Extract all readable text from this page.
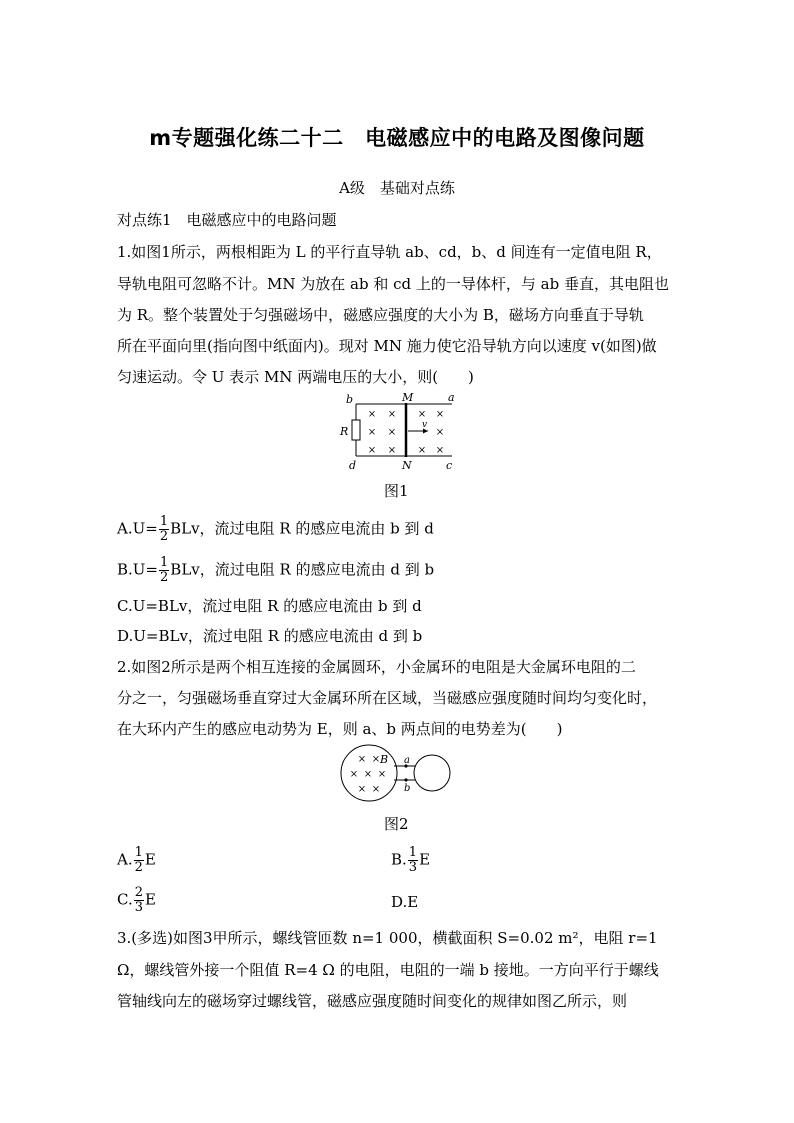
m专题强化练二十二　电磁感应中的电路及图像问题
A级　基础对点练
对点练1　电磁感应中的电路问题
1.如图1所示，两根相距为 L 的平行直导轨 ab、cd，b、d 间连有一定值电阻 R，
导轨电阻可忽略不计。MN 为放在 ab 和 cd 上的一导体杆，与 ab 垂直，其电阻也
为 R。整个装置处于匀强磁场中，磁感应强度的大小为 B，磁场方向垂直于导轨
所在平面向里(指向图中纸面内)。现对 MN 施力使它沿导轨方向以速度 v(如图)做
匀速运动。令 U 表示 MN 两端电压的大小，则(　　)
× × × ×
× ×	×
× × × ×
b	M	a
R	v
d	N	c
图1
$A.U= \frac{1}{2}$ BLv，流过电阻 R 的感应电流由 b 到 d
$B.U= \frac{1}{2}$ BLv，流过电阻 R 的感应电流由 d 到 b
C.U=BLv，流过电阻 R 的感应电流由 b 到 d
D.U=BLv，流过电阻 R 的感应电流由 d 到 b
2.如图2所示是两个相互连接的金属圆环，小金属环的电阻是大金属环电阻的二
分之一，匀强磁场垂直穿过大金属环所在区域，当磁感应强度随时间均匀变化时，
在大环内产生的感应电动势为 E，则 a、b 两点间的电势差为(　　)
× ×
× × ×
× ×
B a
b
图2
A. $\frac{1}{2}$ E	B. $\frac{1}{3}$ E
C. $\frac{2}{3}$ E	D.E
3.(多选)如图3甲所示，螺线管匝数 n=1 000，横截面积 S=0.02 m²，电阻 r=1
Ω，螺线管外接一个阻值 R=4 Ω 的电阻，电阻的一端 b 接地。一方向平行于螺线
管轴线向左的磁场穿过螺线管，磁感应强度随时间变化的规律如图乙所示，则
